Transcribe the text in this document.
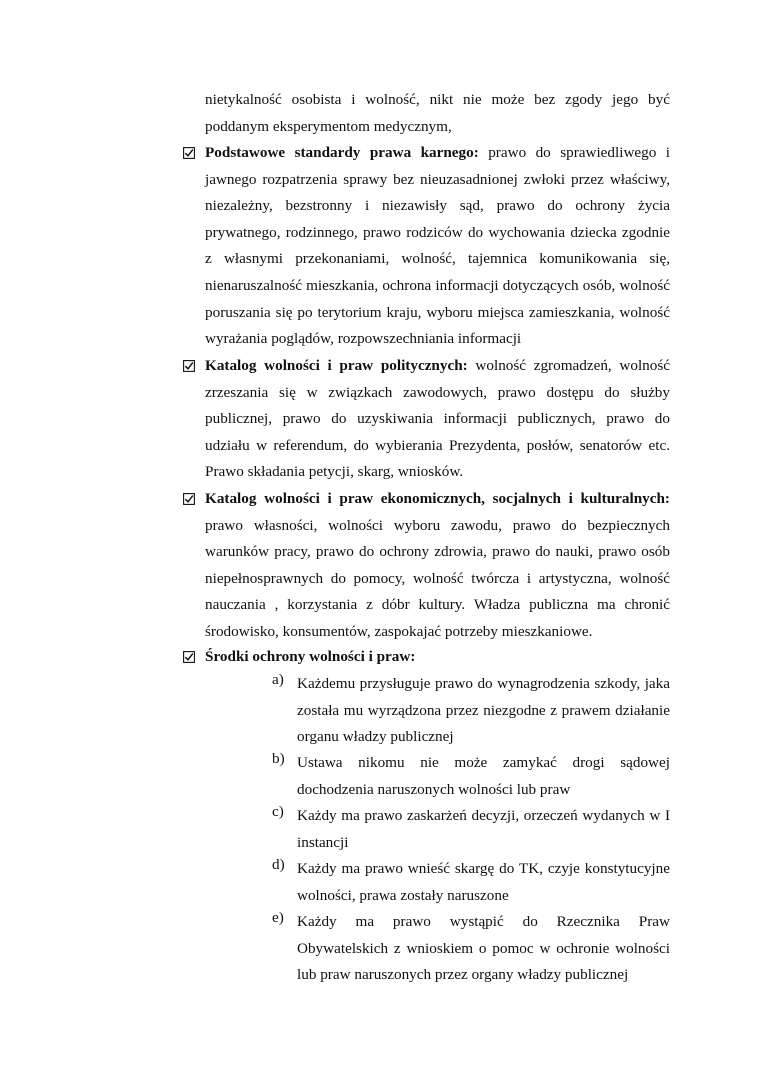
nietykalność osobista i wolność, nikt nie może bez zgody jego być poddanym eksperymentom medycznym,

Podstawowe standardy prawa karnego: prawo do sprawiedliwego i jawnego rozpatrzenia sprawy bez nieuzasadnionej zwłoki przez właściwy, niezależny, bezstronny i niezawisły sąd, prawo do ochrony życia prywatnego, rodzinnego, prawo rodziców do wychowania dziecka zgodnie z własnymi przekonaniami, wolność, tajemnica komunikowania się, nienaruszalność mieszkania, ochrona informacji dotyczących osób, wolność poruszania się po terytorium kraju, wyboru miejsca zamieszkania, wolność wyrażania poglądów, rozpowszechniania informacji

Katalog wolności i praw politycznych: wolność zgromadzeń, wolność zrzeszania się w związkach zawodowych, prawo dostępu do służby publicznej, prawo do uzyskiwania informacji publicznych, prawo do udziału w referendum, do wybierania Prezydenta, posłów, senatorów etc. Prawo składania petycji, skarg, wniosków.

Katalog wolności i praw ekonomicznych, socjalnych i kulturalnych: prawo własności, wolności wyboru zawodu, prawo do bezpiecznych warunków pracy, prawo do ochrony zdrowia, prawo do nauki, prawo osób niepełnosprawnych do pomocy, wolność twórcza i artystyczna, wolność nauczania , korzystania z dóbr kultury. Władza publiczna ma chronić środowisko, konsumentów, zaspokajać potrzeby mieszkaniowe.

Środki ochrony wolności i praw:

a) Każdemu przysługuje prawo do wynagrodzenia szkody, jaka została mu wyrządzona przez niezgodne z prawem działanie organu władzy publicznej

b) Ustawa nikomu nie może zamykać drogi sądowej dochodzenia naruszonych wolności lub praw

c) Każdy ma prawo zaskarżeń decyzji, orzeczeń wydanych w I instancji

d) Każdy ma prawo wnieść skargę do TK, czyje konstytucyjne wolności, prawa zostały naruszone

e) Każdy ma prawo wystąpić do Rzecznika Praw Obywatelskich z wnioskiem o pomoc w ochronie wolności lub praw naruszonych przez organy władzy publicznej
